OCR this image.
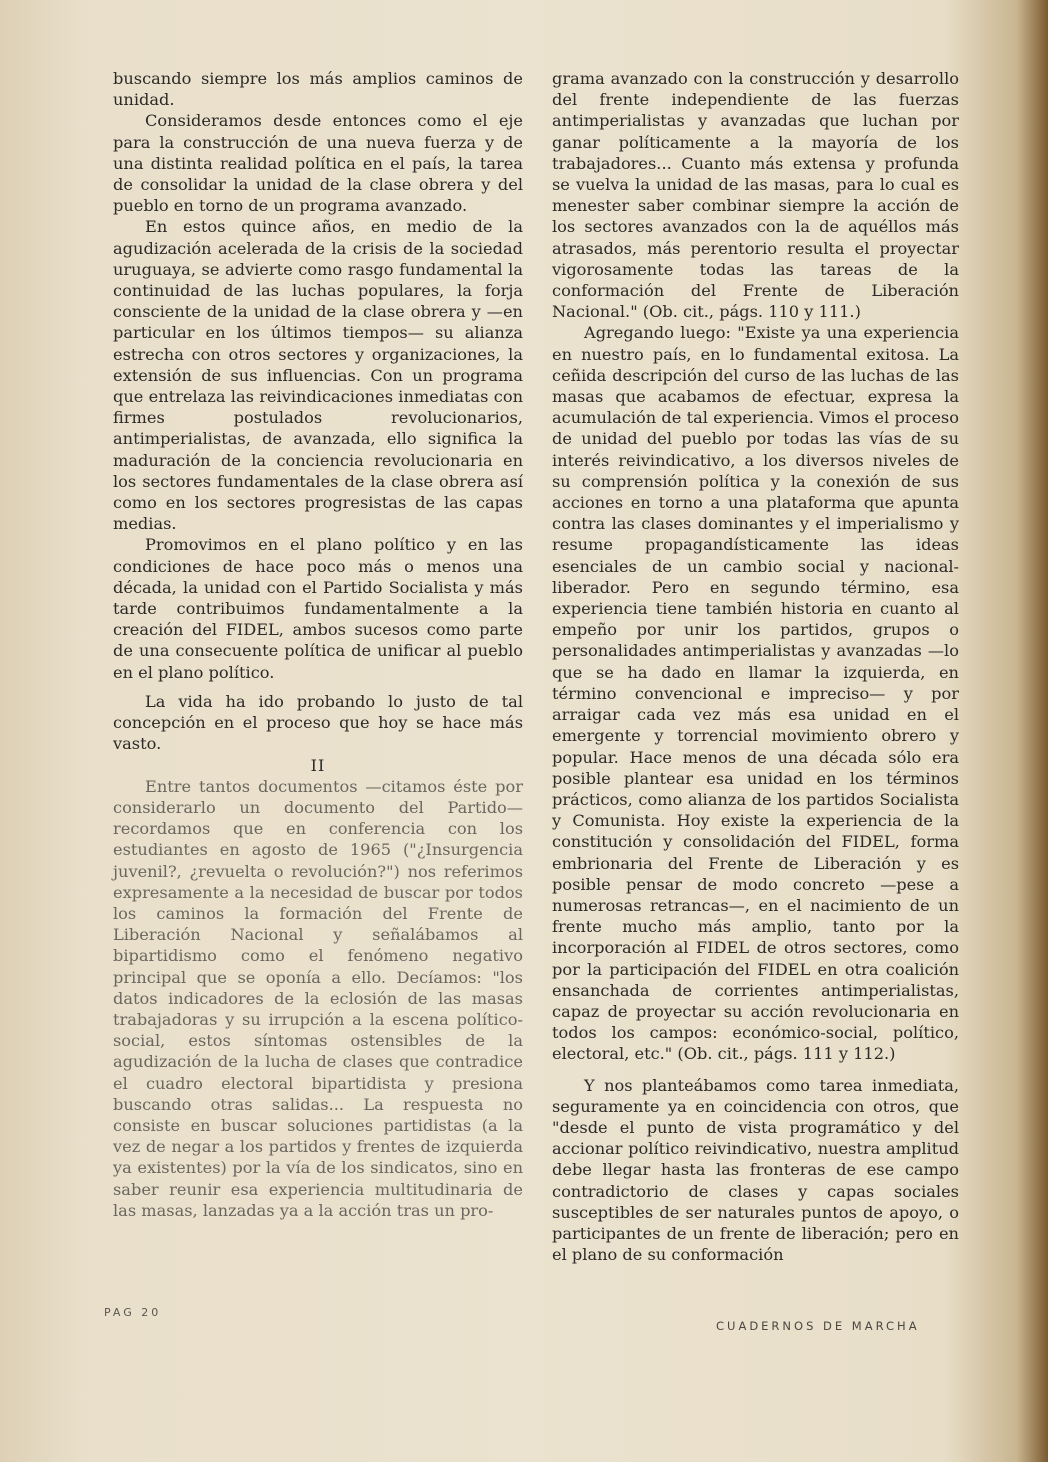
buscando siempre los más amplios caminos de unidad.

Consideramos desde entonces como el eje para la construcción de una nueva fuerza y de una distinta realidad política en el país, la tarea de consolidar la unidad de la clase obrera y del pueblo en torno de un programa avanzado.

En estos quince años, en medio de la agudización acelerada de la crisis de la sociedad uruguaya, se advierte como rasgo fundamental la continuidad de las luchas populares, la forja consciente de la unidad de la clase obrera y —en particular en los últimos tiempos— su alianza estrecha con otros sectores y organizaciones, la extensión de sus influencias. Con un programa que entrelaza las reivindicaciones inmediatas con firmes postulados revolucionarios, antimperialistas, de avanzada, ello significa la maduración de la conciencia revolucionaria en los sectores fundamentales de la clase obrera así como en los sectores progresistas de las capas medias.

Promovimos en el plano político y en las condiciones de hace poco más o menos una década, la unidad con el Partido Socialista y más tarde contribuimos fundamentalmente a la creación del FIDEL, ambos sucesos como parte de una consecuente política de unificar al pueblo en el plano político.

La vida ha ido probando lo justo de tal concepción en el proceso que hoy se hace más vasto.

II

Entre tantos documentos —citamos éste por considerarlo un documento del Partido— recordamos que en conferencia con los estudiantes en agosto de 1965 ("¿Insurgencia juvenil?, ¿revuelta o revolución?") nos referimos expresamente a la necesidad de buscar por todos los caminos la formación del Frente de Liberación Nacional y señalábamos al bipartidismo como el fenómeno negativo principal que se oponía a ello. Decíamos: "los datos indicadores de la eclosión de las masas trabajadoras y su irrupción a la escena político-social, estos síntomas ostensibles de la agudización de la lucha de clases que contradice el cuadro electoral bipartidista y presiona buscando otras salidas... La respuesta no consiste en buscar soluciones partidistas (a la vez de negar a los partidos y frentes de izquierda ya existentes) por la vía de los sindicatos, sino en saber reunir esa experiencia multitudinaria de las masas, lanzadas ya a la acción tras un pro-

grama avanzado con la construcción y desarrollo del frente independiente de las fuerzas antimperialistas y avanzadas que luchan por ganar políticamente a la mayoría de los trabajadores... Cuanto más extensa y profunda se vuelva la unidad de las masas, para lo cual es menester saber combinar siempre la acción de los sectores avanzados con la de aquéllos más atrasados, más perentorio resulta el proyectar vigorosamente todas las tareas de la conformación del Frente de Liberación Nacional." (Ob. cit., págs. 110 y 111.)

Agregando luego: "Existe ya una experiencia en nuestro país, en lo fundamental exitosa. La ceñida descripción del curso de las luchas de las masas que acabamos de efectuar, expresa la acumulación de tal experiencia. Vimos el proceso de unidad del pueblo por todas las vías de su interés reivindicativo, a los diversos niveles de su comprensión política y la conexión de sus acciones en torno a una plataforma que apunta contra las clases dominantes y el imperialismo y resume propagandísticamente las ideas esenciales de un cambio social y nacional-liberador. Pero en segundo término, esa experiencia tiene también historia en cuanto al empeño por unir los partidos, grupos o personalidades antimperialistas y avanzadas —lo que se ha dado en llamar la izquierda, en término convencional e impreciso— y por arraigar cada vez más esa unidad en el emergente y torrencial movimiento obrero y popular. Hace menos de una década sólo era posible plantear esa unidad en los términos prácticos, como alianza de los partidos Socialista y Comunista. Hoy existe la experiencia de la constitución y consolidación del FIDEL, forma embrionaria del Frente de Liberación y es posible pensar de modo concreto —pese a numerosas retrancas—, en el nacimiento de un frente mucho más amplio, tanto por la incorporación al FIDEL de otros sectores, como por la participación del FIDEL en otra coalición ensanchada de corrientes antimperialistas, capaz de proyectar su acción revolucionaria en todos los campos: económico-social, político, electoral, etc." (Ob. cit., págs. 111 y 112.)

Y nos planteábamos como tarea inmediata, seguramente ya en coincidencia con otros, que "desde el punto de vista programático y del accionar político reivindicativo, nuestra amplitud debe llegar hasta las fronteras de ese campo contradictorio de clases y capas sociales susceptibles de ser naturales puntos de apoyo, o participantes de un frente de liberación; pero en el plano de su conformación

PAG 20
CUADERNOS DE MARCHA
